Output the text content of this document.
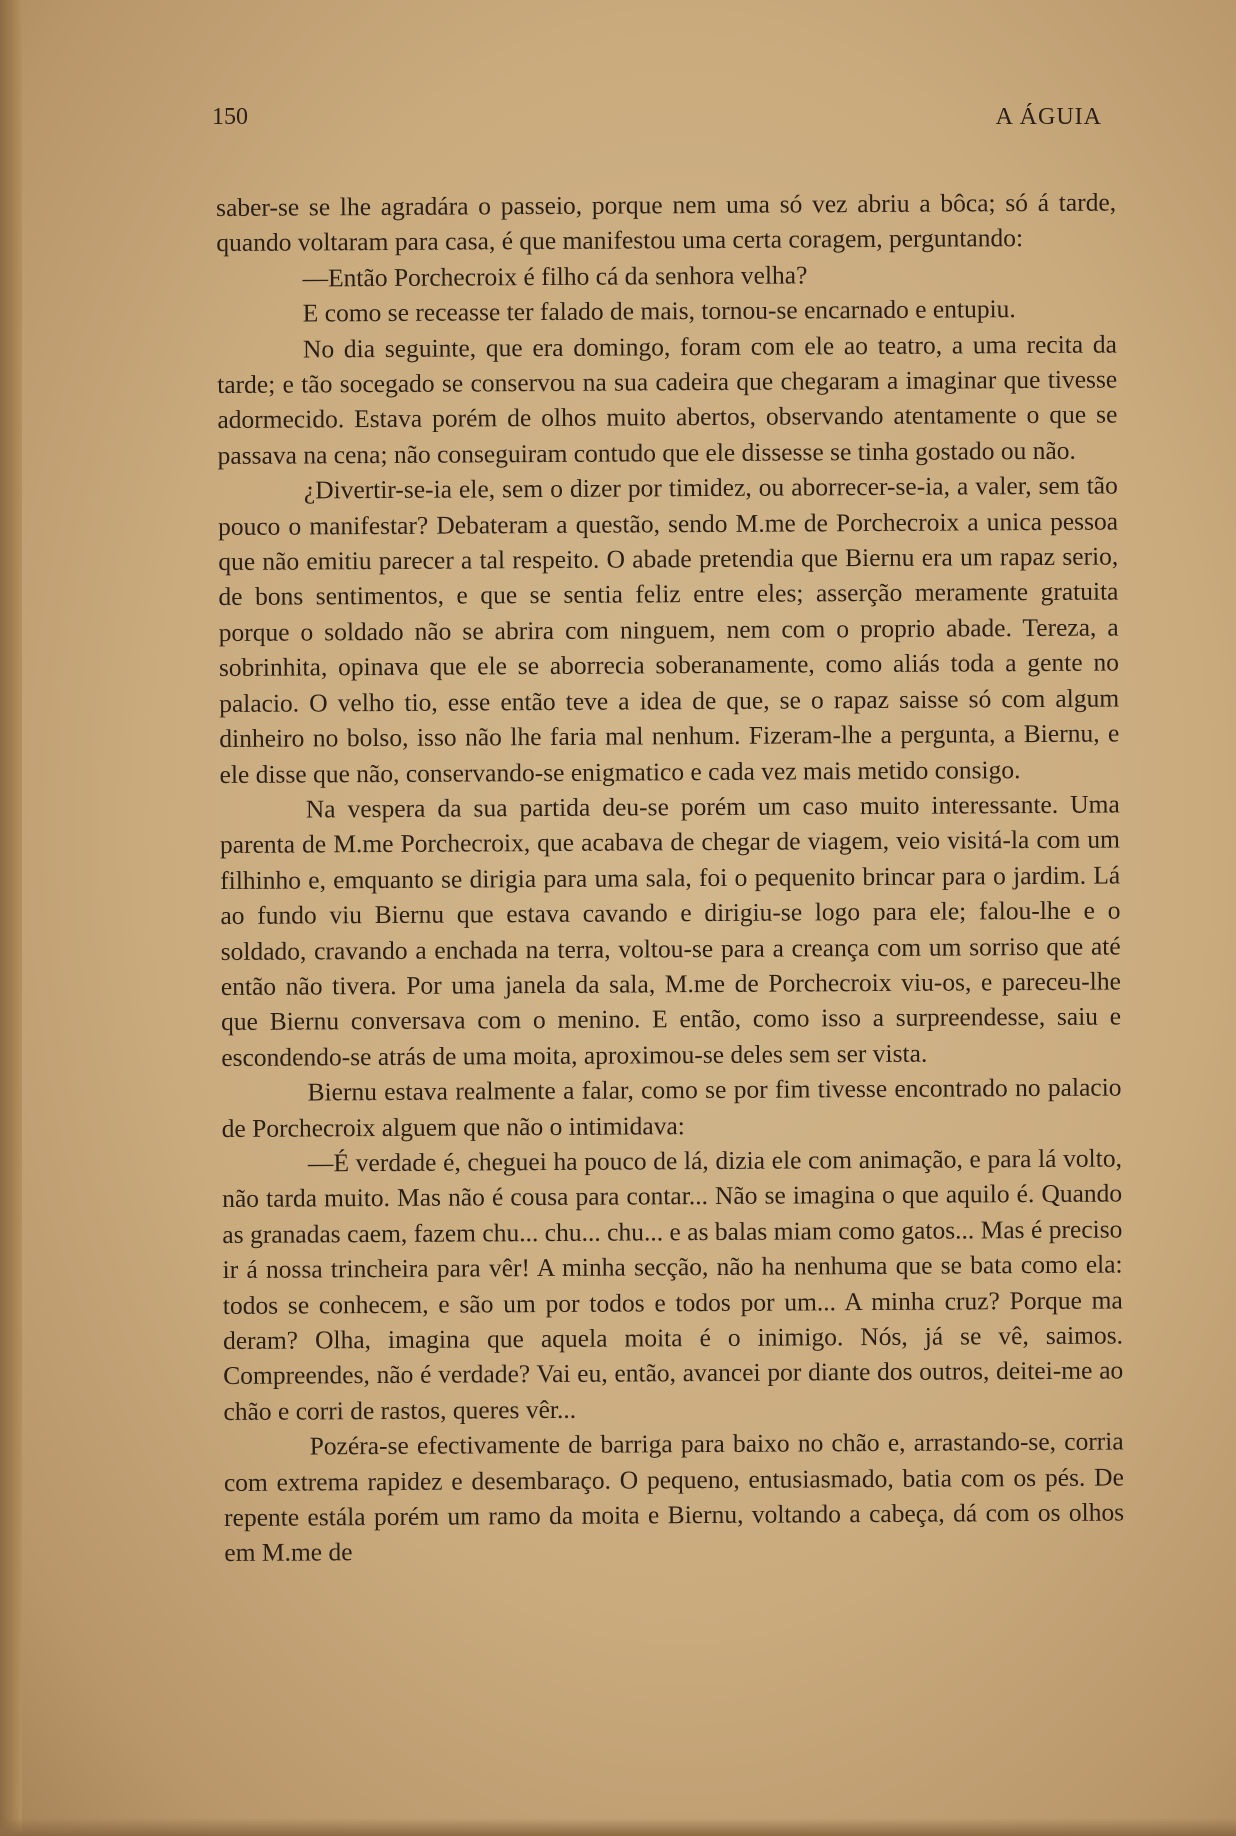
150	A ÁGUIA

saber-se se lhe agradára o passeio, porque nem uma só vez abriu a bôca; só á tarde, quando voltaram para casa, é que manifestou uma certa coragem, perguntando:

—Então Porchecroix é filho cá da senhora velha?

E como se receasse ter falado de mais, tornou-se encarnado e entupiu.

No dia seguinte, que era domingo, foram com ele ao teatro, a uma recita da tarde; e tão socegado se conservou na sua cadeira que chegaram a imaginar que tivesse adormecido. Estava porém de olhos muito abertos, observando atentamente o que se passava na cena; não conseguiram contudo que ele dissesse se tinha gostado ou não.

¿Divertir-se-ia ele, sem o dizer por timidez, ou aborrecer-se-ia, a valer, sem tão pouco o manifestar? Debateram a questão, sendo M.me de Porchecroix a unica pessoa que não emitiu parecer a tal respeito. O abade pretendia que Biernu era um rapaz serio, de bons sentimentos, e que se sentia feliz entre eles; asserção meramente gratuita porque o soldado não se abrira com ninguem, nem com o proprio abade. Tereza, a sobrinhita, opinava que ele se aborrecia soberanamente, como aliás toda a gente no palacio. O velho tio, esse então teve a idea de que, se o rapaz saisse só com algum dinheiro no bolso, isso não lhe faria mal nenhum. Fizeram-lhe a pergunta, a Biernu, e ele disse que não, conservando-se enigmatico e cada vez mais metido consigo.

Na vespera da sua partida deu-se porém um caso muito interessante. Uma parenta de M.me Porchecroix, que acabava de chegar de viagem, veio visitá-la com um filhinho e, emquanto se dirigia para uma sala, foi o pequenito brincar para o jardim. Lá ao fundo viu Biernu que estava cavando e dirigiu-se logo para ele; falou-lhe e o soldado, cravando a enchada na terra, voltou-se para a creança com um sorriso que até então não tivera. Por uma janela da sala, M.me de Porchecroix viu-os, e pareceu-lhe que Biernu conversava com o menino. E então, como isso a surpreendesse, saiu e escondendo-se atrás de uma moita, aproximou-se deles sem ser vista.

Biernu estava realmente a falar, como se por fim tivesse encontrado no palacio de Porchecroix alguem que não o intimidava:

—É verdade é, cheguei ha pouco de lá, dizia ele com animação, e para lá volto, não tarda muito. Mas não é cousa para contar... Não se imagina o que aquilo é. Quando as granadas caem, fazem chu... chu... chu... e as balas miam como gatos... Mas é preciso ir á nossa trincheira para vêr! A minha secção, não ha nenhuma que se bata como ela: todos se conhecem, e são um por todos e todos por um... A minha cruz? Porque ma deram? Olha, imagina que aquela moita é o inimigo. Nós, já se vê, saimos. Compreendes, não é verdade? Vai eu, então, avancei por diante dos outros, deitei-me ao chão e corri de rastos, queres vêr...

Pozéra-se efectivamente de barriga para baixo no chão e, arrastando-se, corria com extrema rapidez e desembaraço. O pequeno, entusiasmado, batia com os pés. De repente estála porém um ramo da moita e Biernu, voltando a cabeça, dá com os olhos em M.me de
